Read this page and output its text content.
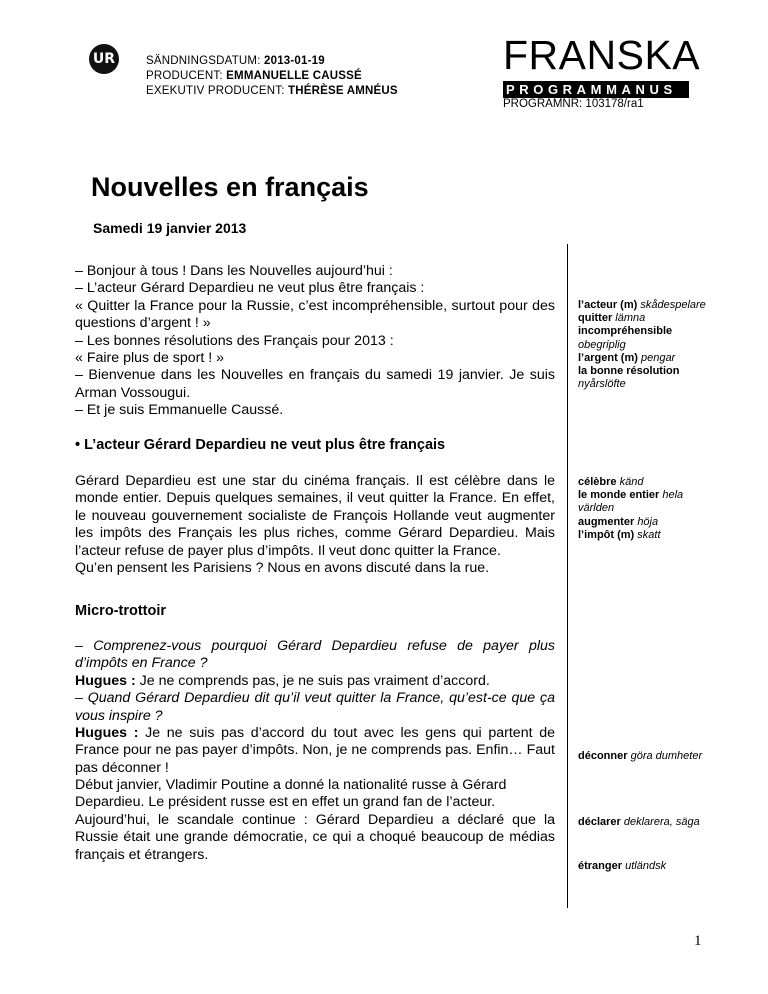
UR	SÄNDNINGSDATUM: 2013-01-19
PRODUCENT: EMMANUELLE CAUSSÉ
EXEKUTIV PRODUCENT: THÉRÈSE AMNÉUS
FRANSKA
PROGRAMMANUS
PROGRAMNR: 103178/ra1
Nouvelles en français
Samedi 19 janvier 2013

– Bonjour à tous ! Dans les Nouvelles aujourd’hui :

– L’acteur Gérard Depardieu ne veut plus être français :

« Quitter la France pour la Russie, c’est incompréhensible, surtout pour des questions d’argent ! »

– Les bonnes résolutions des Français pour 2013 :

« Faire plus de sport ! »

– Bienvenue dans les Nouvelles en français du samedi 19 janvier. Je suis Arman Vossougui.

– Et je suis Emmanuelle Caussé.

l’acteur (m) skådespelare
quitter lämna
incompréhensible
obegriplig
l’argent (m) pengar
la bonne résolution
nyårslöfte
• L’acteur Gérard Depardieu ne veut plus être français

Gérard Depardieu est une star du cinéma français. Il est célèbre dans le monde entier. Depuis quelques semaines, il veut quitter la France. En effet, le nouveau gouvernement socialiste de François Hollande veut augmenter les impôts des Français les plus riches, comme Gérard Depardieu. Mais l’acteur refuse de payer plus d’impôts. Il veut donc quitter la France.

Qu’en pensent les Parisiens ? Nous en avons discuté dans la rue.

célèbre känd
le monde entier hela
världen
augmenter höja
l’impôt (m) skatt
Micro-trottoir

– Comprenez-vous pourquoi Gérard Depardieu refuse de payer plus d’impôts en France ?

Hugues : Je ne comprends pas, je ne suis pas vraiment d’accord.

– Quand Gérard Depardieu dit qu’il veut quitter la France, qu’est-ce que ça vous inspire ?

Hugues : Je ne suis pas d’accord du tout avec les gens qui partent de France pour ne pas payer d’impôts. Non, je ne comprends pas. Enfin… Faut pas déconner !

déconner göra dumheter

Début janvier, Vladimir Poutine a donné la nationalité russe à Gérard Depardieu. Le président russe est en effet un grand fan de l’acteur.

Aujourd’hui, le scandale continue : Gérard Depardieu a déclaré que la Russie était une grande démocratie, ce qui a choqué beaucoup de médias français et étrangers.

déclarer deklarera, säga
étranger utländsk
1
